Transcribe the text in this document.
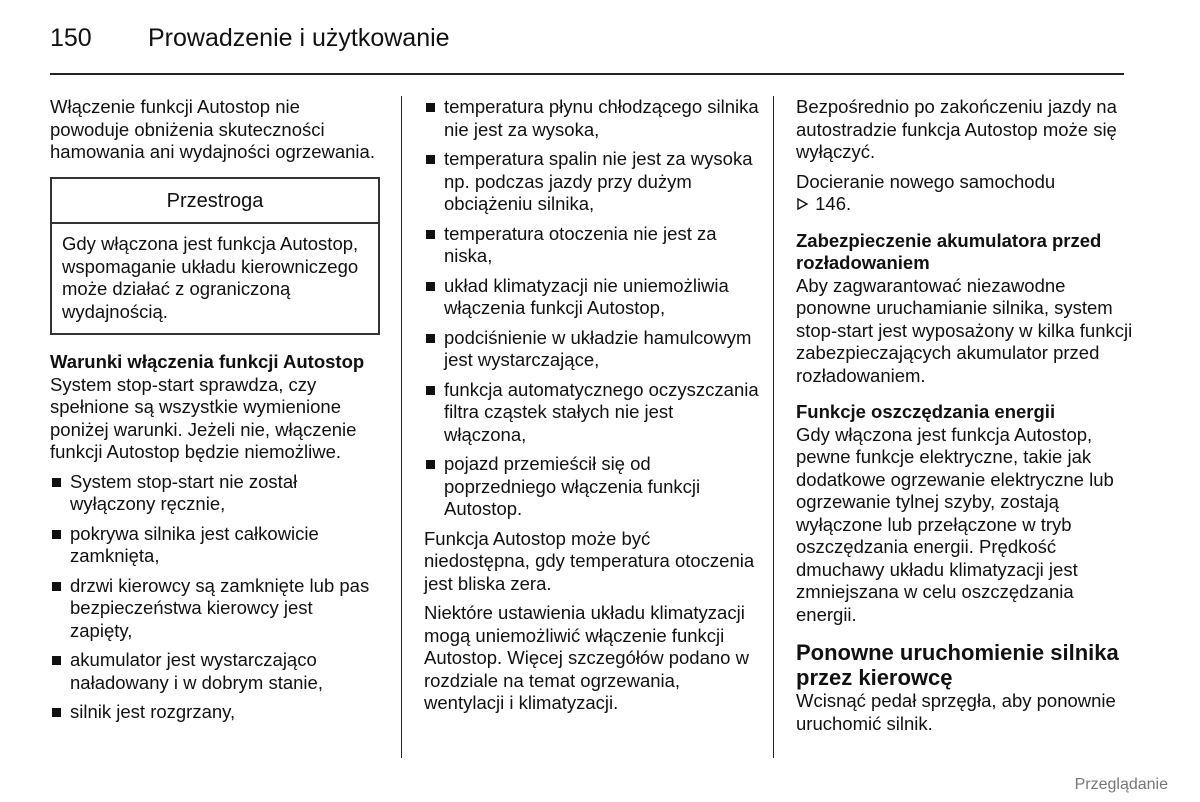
150 Prowadzenie i użytkowanie

Włączenie funkcji Autostop nie powoduje obniżenia skuteczności hamowania ani wydajności ogrzewania.

Przestroga
Gdy włączona jest funkcja Autostop, wspomaganie układu kierowniczego może działać z ograniczoną wydajnością.
Warunki włączenia funkcji Autostop

System stop-start sprawdza, czy spełnione są wszystkie wymienione poniżej warunki. Jeżeli nie, włączenie funkcji Autostop będzie niemożliwe.

System stop-start nie został wyłączony ręcznie,
pokrywa silnika jest całkowicie zamknięta,
drzwi kierowcy są zamknięte lub pas bezpieczeństwa kierowcy jest zapięty,
akumulator jest wystarczająco naładowany i w dobrym stanie,
silnik jest rozgrzany,
temperatura płynu chłodzącego silnika nie jest za wysoka,
temperatura spalin nie jest za wysoka np. podczas jazdy przy dużym obciążeniu silnika,
temperatura otoczenia nie jest za niska,
układ klimatyzacji nie uniemożliwia włączenia funkcji Autostop,
podciśnienie w układzie hamulcowym jest wystarczające,
funkcja automatycznego oczyszczania filtra cząstek stałych nie jest włączona,
pojazd przemieścił się od poprzedniego włączenia funkcji Autostop.

Funkcja Autostop może być niedostępna, gdy temperatura otoczenia jest bliska zera.

Niektóre ustawienia układu klimatyzacji mogą uniemożliwić włączenie funkcji Autostop. Więcej szczegółów podano w rozdziale na temat ogrzewania, wentylacji i klimatyzacji.

Bezpośrednio po zakończeniu jazdy na autostradzie funkcja Autostop może się wyłączyć.

Docieranie nowego samochodu
146.

Zabezpieczenie akumulatora przed rozładowaniem

Aby zagwarantować niezawodne ponowne uruchamianie silnika, system stop-start jest wyposażony w kilka funkcji zabezpieczających akumulator przed rozładowaniem.

Funkcje oszczędzania energii

Gdy włączona jest funkcja Autostop, pewne funkcje elektryczne, takie jak dodatkowe ogrzewanie elektryczne lub ogrzewanie tylnej szyby, zostają wyłączone lub przełączone w tryb oszczędzania energii. Prędkość dmuchawy układu klimatyzacji jest zmniejszana w celu oszczędzania energii.

Ponowne uruchomienie silnika przez kierowcę

Wcisnąć pedał sprzęgła, aby ponownie uruchomić silnik.

Przeglądanie
